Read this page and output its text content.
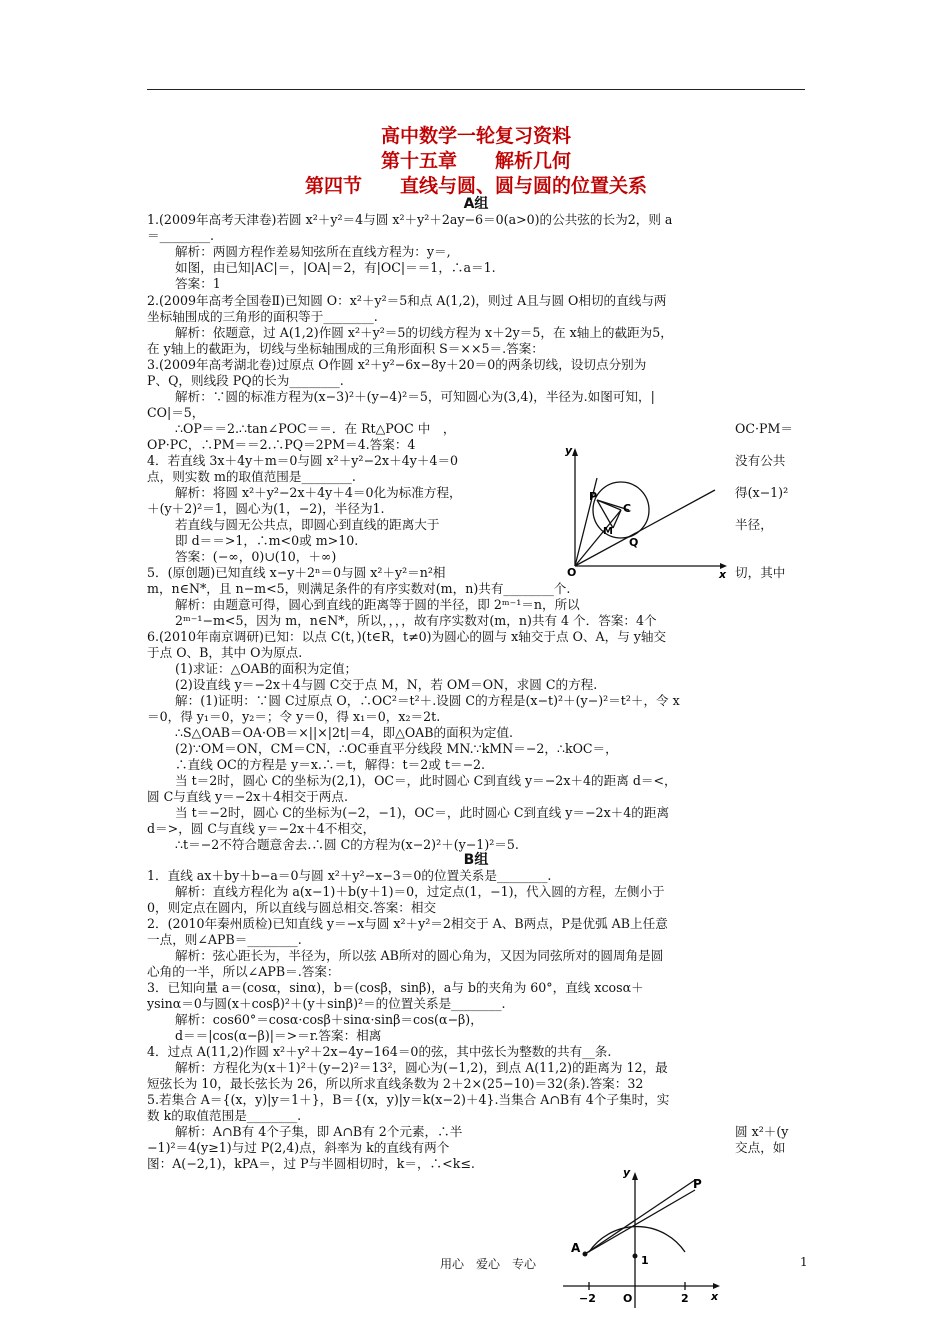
高中数学一轮复习资料
第十五章　　解析几何
第四节　　直线与圆、圆与圆的位置关系
A组
B组
1.(2009年高考天津卷)若圆 x²＋y²＝4与圆 x²＋y²＋2ay−6＝0(a>0)的公共弦的长为2，则 a
＝________.
解析：两圆方程作差易知弦所在直线方程为：y＝,
如图，由已知|AC|＝，|OA|＝2，有|OC|＝＝1，∴a＝1.
答案：1
2.(2009年高考全国卷Ⅱ)已知圆 O：x²＋y²＝5和点 A(1,2)，则过 A且与圆 O相切的直线与两
坐标轴围成的三角形的面积等于________.
解析：依题意，过 A(1,2)作圆 x²＋y²＝5的切线方程为 x＋2y＝5，在 x轴上的截距为5，
在 y轴上的截距为，切线与坐标轴围成的三角形面积 S＝××5＝.答案：
3.(2009年高考湖北卷)过原点 O作圆 x²＋y²−6x−8y＋20＝0的两条切线，设切点分别为
P、Q，则线段 PQ的长为________.
解析：∵圆的标准方程为(x−3)²＋(y−4)²＝5，可知圆心为(3,4)，半径为.如图可知，|
CO|＝5，
∴OP＝＝2.∴tan∠POC＝＝．在 Rt△POC 中　，	OC·PM＝
OP·PC，∴PM＝＝2.∴PQ＝2PM＝4.答案：4
4．若直线 3x＋4y＋m＝0与圆 x²＋y²−2x＋4y＋4＝0	没有公共
点，则实数 m的取值范围是________.
解析：将圆 x²＋y²−2x＋4y＋4＝0化为标准方程，	得(x−1)²
＋(y＋2)²＝1，圆心为(1，−2)，半径为1.
若直线与圆无公共点，即圆心到直线的距离大于	半径，
即 d＝＝>1，∴m<0或 m>10.
答案：(−∞，0)∪(10，＋∞)
5．(原创题)已知直线 x−y＋2ⁿ＝0与圆 x²＋y²＝n²相	切，其中
m，n∈N*，且 n−m<5，则满足条件的有序实数对(m，n)共有________个.
解析：由题意可得，圆心到直线的距离等于圆的半径，即 2ᵐ⁻¹＝n，所以
2ᵐ⁻¹−m<5，因为 m，n∈N*，所以，，，，故有序实数对(m，n)共有 4 个．答案：4个
6.(2010年南京调研)已知：以点 C(t，)(t∈R，t≠0)为圆心的圆与 x轴交于点 O、A，与 y轴交
于点 O、B，其中 O为原点.
(1)求证：△OAB的面积为定值；
(2)设直线 y＝−2x＋4与圆 C交于点 M，N，若 OM＝ON，求圆 C的方程.
解：(1)证明：∵圆 C过原点 O，∴OC²＝t²＋.设圆 C的方程是(x−t)²＋(y−)²＝t²＋，令 x
＝0，得 y₁＝0，y₂＝；令 y＝0，得 x₁＝0，x₂＝2t.
∴S△OAB＝OA·OB＝×||×|2t|＝4，即△OAB的面积为定值.
(2)∵OM＝ON，CM＝CN，∴OC垂直平分线段 MN.∵kMN＝−2，∴kOC＝，
∴直线 OC的方程是 y＝x.∴＝t，解得：t＝2或 t＝−2.
当 t＝2时，圆心 C的坐标为(2,1)，OC＝，此时圆心 C到直线 y＝−2x＋4的距离 d＝<，
圆 C与直线 y＝−2x＋4相交于两点.
当 t＝−2时，圆心 C的坐标为(−2，−1)，OC＝，此时圆心 C到直线 y＝−2x＋4的距离
d＝>，圆 C与直线 y＝−2x＋4不相交，
∴t＝−2不符合题意舍去.∴圆 C的方程为(x−2)²＋(y−1)²＝5.
1．直线 ax＋by＋b−a＝0与圆 x²＋y²−x−3＝0的位置关系是________.
解析：直线方程化为 a(x−1)＋b(y＋1)＝0，过定点(1，−1)，代入圆的方程，左侧小于
0，则定点在圆内，所以直线与圆总相交.答案：相交
2．(2010年秦州质检)已知直线 y＝−x与圆 x²＋y²＝2相交于 A、B两点，P是优弧 AB上任意
一点，则∠APB＝________.
解析：弦心距长为，半径为，所以弦 AB所对的圆心角为，又因为同弦所对的圆周角是圆
心角的一半，所以∠APB＝.答案：
3．已知向量 a＝(cosα，sinα)，b＝(cosβ，sinβ)，a与 b的夹角为 60°，直线 xcosα＋
ysinα＝0与圆(x＋cosβ)²＋(y＋sinβ)²＝的位置关系是________.
解析：cos60°＝cosα·cosβ＋sinα·sinβ＝cos(α−β)，
d＝＝|cos(α−β)|＝>＝r.答案：相离
4．过点 A(11,2)作圆 x²＋y²＋2x−4y−164＝0的弦，其中弦长为整数的共有__条.
解析：方程化为(x＋1)²＋(y−2)²＝13²，圆心为(−1,2)，到点 A(11,2)的距离为 12，最
短弦长为 10，最长弦长为 26，所以所求直线条数为 2＋2×(25−10)＝32(条).答案：32
5.若集合 A＝{(x，y)|y＝1＋}，B＝{(x，y)|y＝k(x−2)＋4}.当集合 A∩B有 4个子集时，实
数 k的取值范围是________.
解析：A∩B有 4个子集，即 A∩B有 2个元素，∴半	圆 x²＋(y
−1)²＝4(y≥1)与过 P(2,4)点，斜率为 k的直线有两个	交点，如
图：A(−2,1)，kPA＝，过 P与半圆相切时，k＝，∴<k≤.
O	x
y
P
C
M
Q
y
x
P
A
1
−2 O	2
用心　爱心　专心	1
